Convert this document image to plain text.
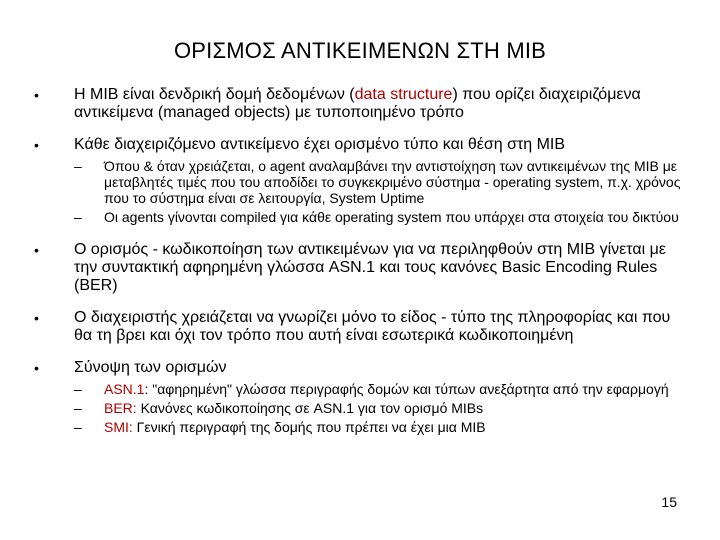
ΟΡΙΣΜΟΣ ΑΝΤΙΚΕΙΜΕΝΩΝ ΣΤΗ MIB

• Η MIB είναι δενδρική δομή δεδομένων (data structure) που ορίζει διαχειριζόμενα αντικείμενα (managed objects) με τυποποιημένο τρόπο

• Κάθε διαχειριζόμενο αντικείμενο έχει ορισμένο τύπο και θέση στη MIB

– Όπου & όταν χρειάζεται, ο agent αναλαμβάνει την αντιστοίχηση των αντικειμένων της MIB με μεταβλητές τιμές που του αποδίδει το συγκεκριμένο σύστημα - operating system, π.χ. χρόνος που το σύστημα είναι σε λειτουργία, System Uptime

– Οι agents γίνονται compiled για κάθε operating system που υπάρχει στα στοιχεία του δικτύου

• Ο ορισμός - κωδικοποίηση των αντικειμένων για να περιληφθούν στη MIB γίνεται με την συντακτική αφηρημένη γλώσσα ASN.1 και τους κανόνες Basic Encoding Rules (BER)

• Ο διαχειριστής χρειάζεται να γνωρίζει μόνο το είδος - τύπο της πληροφορίας και που θα τη βρει και όχι τον τρόπο που αυτή είναι εσωτερικά κωδικοποιημένη

• Σύνοψη των ορισμών

– ASN.1: "αφηρημένη" γλώσσα περιγραφής δομών και τύπων ανεξάρτητα από την εφαρμογή

– BER: Κανόνες κωδικοποίησης σε ASN.1 για τον ορισμό MIBs

– SMI: Γενική περιγραφή της δομής που πρέπει να έχει μια MIB

15
